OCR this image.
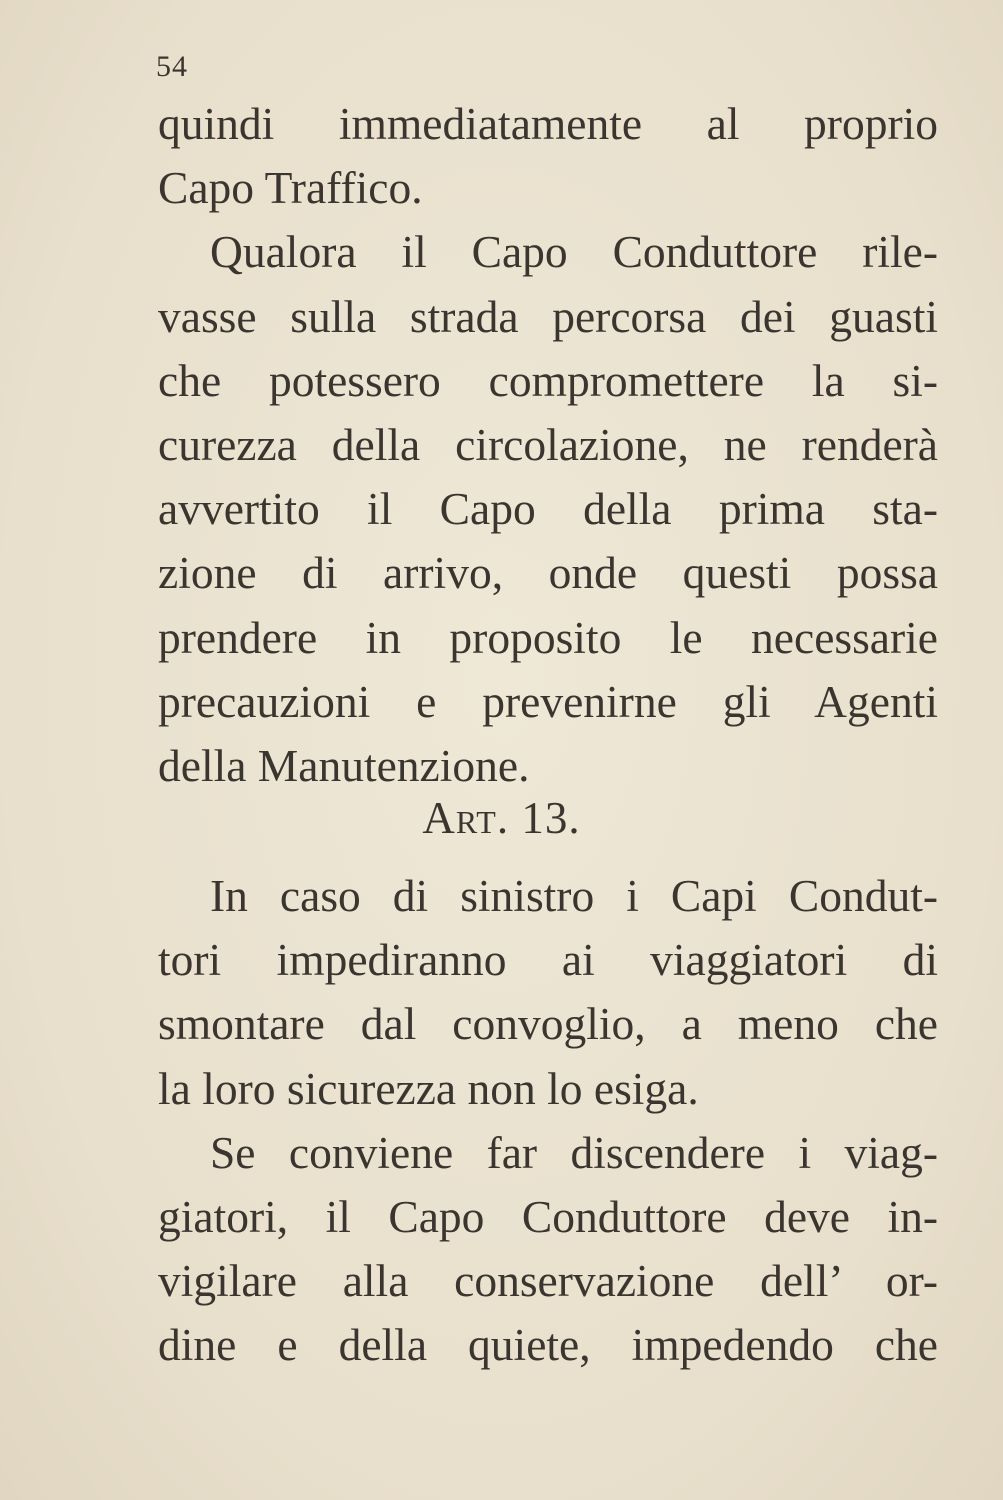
54
quindi immediatamente al proprio
Capo Traffico.
Qualora il Capo Conduttore rile-
vasse sulla strada percorsa dei guasti
che potessero compromettere la si-
curezza della circolazione, ne renderà
avvertito il Capo della prima sta-
zione di arrivo, onde questi possa
prendere in proposito le necessarie
precauzioni e prevenirne gli Agenti
della Manutenzione.
Art. 13.
In caso di sinistro i Capi Condut-
tori impediranno ai viaggiatori di
smontare dal convoglio, a meno che
la loro sicurezza non lo esiga.
Se conviene far discendere i viag-
giatori, il Capo Conduttore deve in-
vigilare alla conservazione dell’ or-
dine e della quiete, impedendo che
